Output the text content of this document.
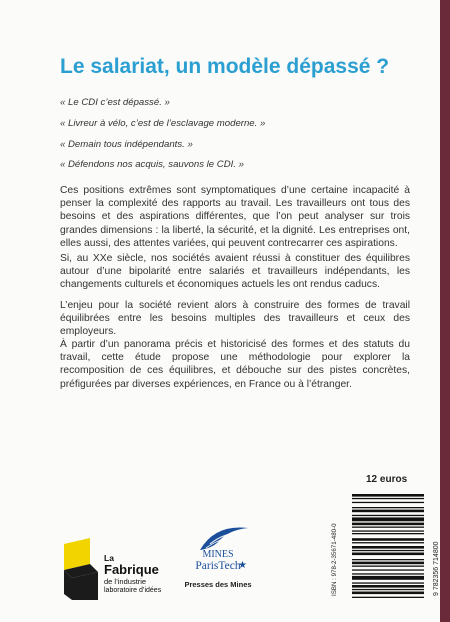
Le salariat, un modèle dépassé ?

« Le CDI c’est dépassé. »

« Livreur à vélo, c’est de l’esclavage moderne. »

« Demain tous indépendants. »

« Défendons nos acquis, sauvons le CDI. »

Ces positions extrêmes sont symptomatiques d’une certaine incapacité à penser la complexité des rapports au travail. Les travailleurs ont tous des besoins et des aspirations différentes, que l’on peut analyser sur trois grandes dimensions : la liberté, la sécurité, et la dignité. Les entreprises ont, elles aussi, des attentes variées, qui peuvent contrecarrer ces aspirations.

Si, au XXe siècle, nos sociétés avaient réussi à constituer des équilibres autour d’une bipolarité entre salariés et travailleurs indépendants, les changements culturels et économiques actuels les ont rendus caducs.

L’enjeu pour la société revient alors à construire des formes de travail équilibrées entre les besoins multiples des travailleurs et ceux des employeurs.

À partir d’un panorama précis et historicisé des formes et des statuts du travail, cette étude propose une méthodologie pour explorer la recomposition de ces équilibres, et débouche sur des pistes concrètes, préfigurées par diverses expériences, en France ou à l’étranger.

12 euros
ISBN : 978-2-35671-480-0	9 782356 714800
La
Fabrique
de l’industrie
laboratoire d’idées
MINES
ParisTech
★
Presses des Mines
